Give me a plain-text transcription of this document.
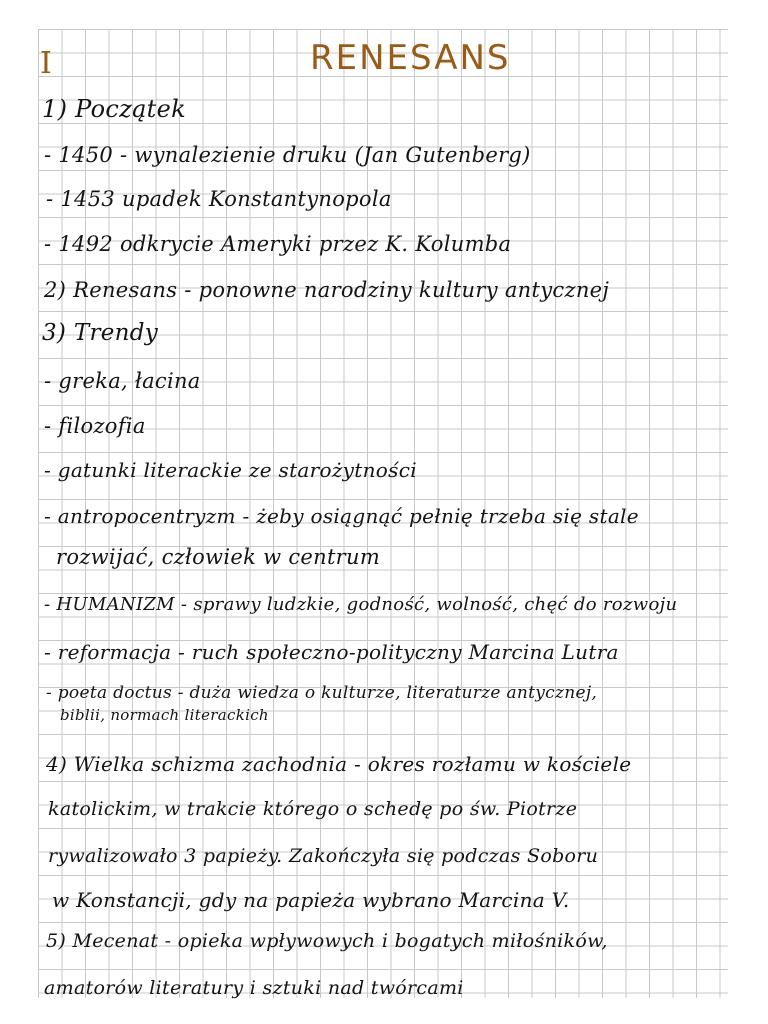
I	RENESANS
1) Początek
- 1450 - wynalezienie druku (Jan Gutenberg)
- 1453 upadek Konstantynopola
- 1492 odkrycie Ameryki przez K. Kolumba
2) Renesans - ponowne narodziny kultury antycznej
3) Trendy
- greka, łacina
- filozofia
- gatunki literackie ze starożytności
- antropocentryzm - żeby osiągnąć pełnię trzeba się stale
rozwijać, człowiek w centrum
- HUMANIZM - sprawy ludzkie, godność, wolność, chęć do rozwoju
- reformacja - ruch społeczno-polityczny Marcina Lutra
- poeta doctus - duża wiedza o kulturze, literaturze antycznej,
biblii, normach literackich
4) Wielka schizma zachodnia - okres rozłamu w kościele
katolickim, w trakcie którego o schedę po św. Piotrze
rywalizowało 3 papieży. Zakończyła się podczas Soboru
w Konstancji, gdy na papieża wybrano Marcina V.
5) Mecenat - opieka wpływowych i bogatych miłośników,
amatorów literatury i sztuki nad twórcami
